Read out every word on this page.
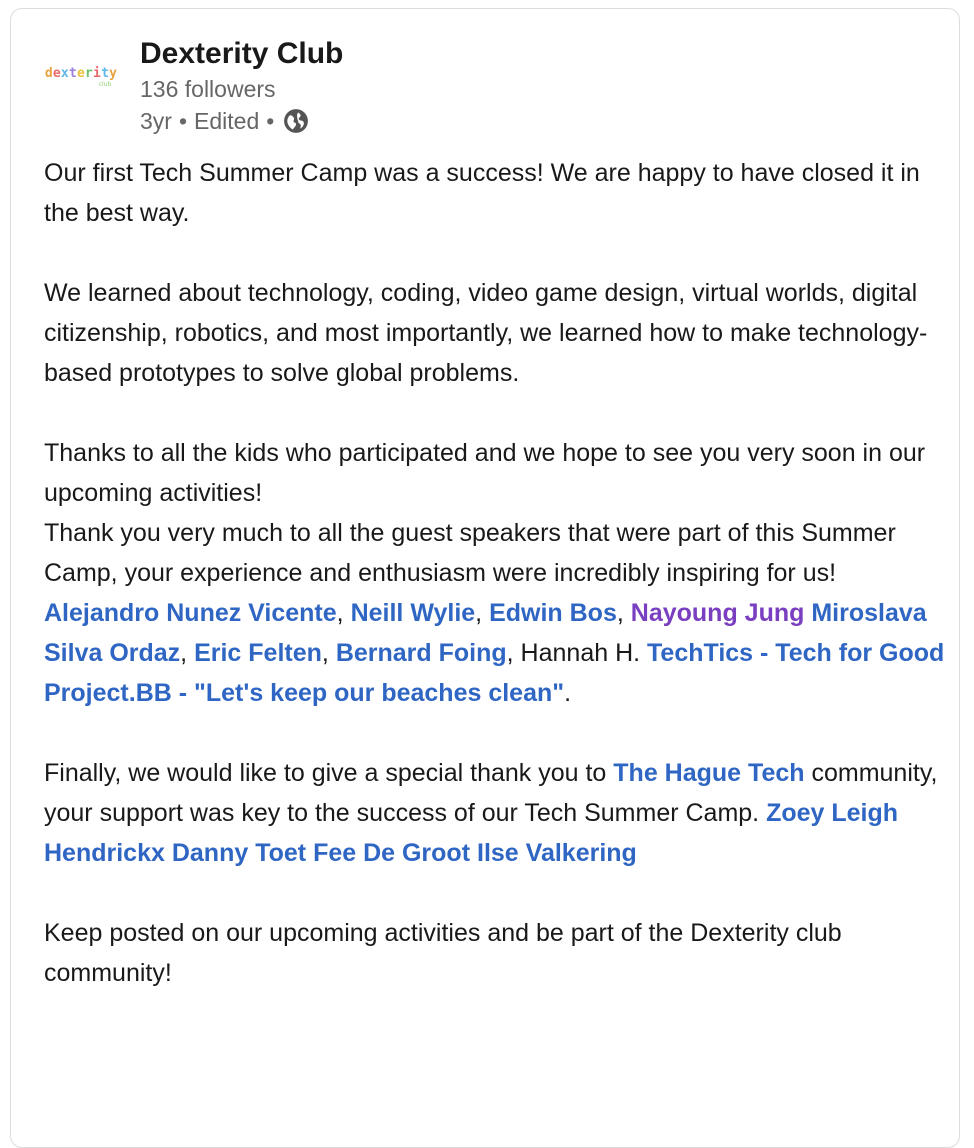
dexterity
club
Dexterity Club
136 followers
3yr • Edited •

Our first Tech Summer Camp was a success! We are happy to have closed it in the best way.

We learned about technology, coding, video game design, virtual worlds, digital citizenship, robotics, and most importantly, we learned how to make technology-based prototypes to solve global problems.

Thanks to all the kids who participated and we hope to see you very soon in our upcoming activities!

Thank you very much to all the guest speakers that were part of this Summer Camp, your experience and enthusiasm were incredibly inspiring for us!

Alejandro Nunez Vicente, Neill Wylie, Edwin Bos, Nayoung Jung Miroslava Silva Ordaz, Eric Felten, Bernard Foing, Hannah H. TechTics - Tech for Good Project.BB - "Let's keep our beaches clean".

Finally, we would like to give a special thank you to The Hague Tech community, your support was key to the success of our Tech Summer Camp. Zoey Leigh Hendrickx Danny Toet Fee De Groot Ilse Valkering

Keep posted on our upcoming activities and be part of the Dexterity club community!
